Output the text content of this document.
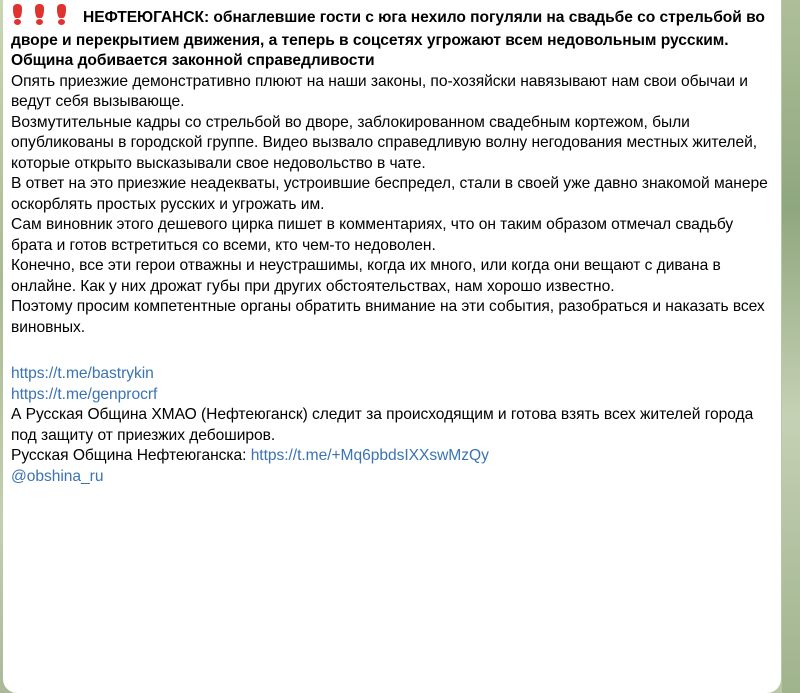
НЕФТЕЮГАНСК: обнаглевшие гости с юга нехило погуляли на свадьбе со стрельбой во дворе и перекрытием движения, а теперь в соцсетях угрожают всем недовольным русским. Община добивается законной справедливости

Опять приезжие демонстративно плюют на наши законы, по-хозяйски навязывают нам свои обычаи и ведут себя вызывающе.

Возмутительные кадры со стрельбой во дворе, заблокированном свадебным кортежом, были опубликованы в городской группе. Видео вызвало справедливую волну негодования местных жителей, которые открыто высказывали свое недовольство в чате.

В ответ на это приезжие неадекваты, устроившие беспредел, стали в своей уже давно знакомой манере оскорблять простых русских и угрожать им.

Сам виновник этого дешевого цирка пишет в комментариях, что он таким образом отмечал свадьбу брата и готов встретиться со всеми, кто чем-то недоволен.

Конечно, все эти герои отважны и неустрашимы, когда их много, или когда они вещают с дивана в онлайне. Как у них дрожат губы при других обстоятельствах, нам хорошо известно.

Поэтому просим компетентные органы обратить внимание на эти события, разобраться и наказать всех виновных.

https://t.me/bastrykin
https://t.me/genprocrf

А Русская Община ХМАО (Нефтеюганск) следит за происходящим и готова взять всех жителей города под защиту от приезжих дебоширов.

Русская Община Нефтеюганска: https://t.me/+Mq6pbdsIXXswMzQy

@obshina_ru
